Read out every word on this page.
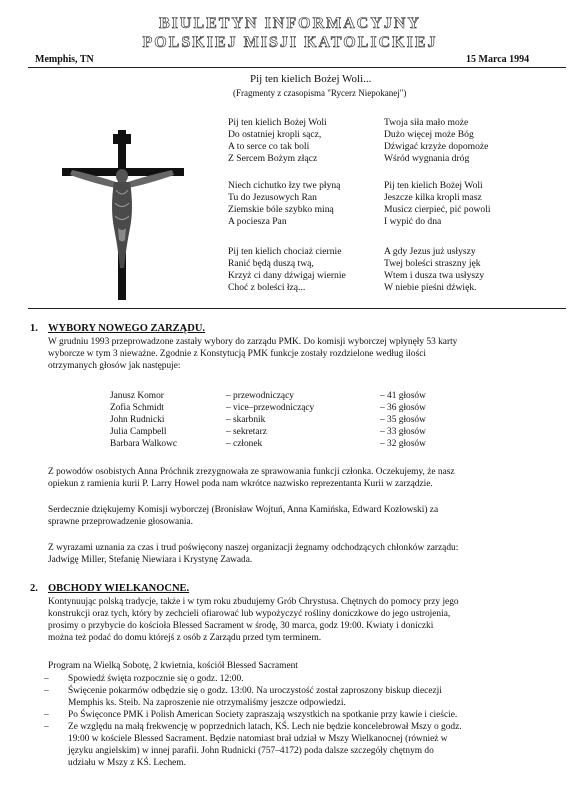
BIULETYN INFORMACYJNY
POLSKIEJ MISJI KATOLICKIEJ
Memphis, TN	15 Marca 1994
Pij ten kielich Bożej Woli...
(Fragmenty z czasopisma "Rycerz Niepokanej")
Pij ten kielich Bożej Woli
Do ostatniej kropli sącz,
A to serce co tak boli
Z Sercem Bożym złącz
Niech cichutko łzy twe płyną
Tu do Jezusowych Ran
Ziemskie bóle szybko miną
A pociesza Pan
Pij ten kielich chociaż ciernie
Ranić będą duszą twą,
Krzyż ci dany dźwigaj wiernie
Choć z boleści łzą...
Twoja siła mało może
Dużo więcej może Bóg
Dźwigać krzyże dopomoże
Wśród wygnania dróg
Pij ten kielich Bożej Woli
Jeszcze kilka kropli masz
Musicz cierpieć, pić powoli
I wypić do dna
A gdy Jezus już usłyszy
Twej boleści straszny jęk
Wtem i dusza twa usłyszy
W niebie pieśni dźwięk.
1. WYBORY NOWEGO ZARZĄDU.
W grudniu 1993 przeprowadzone zastały wybory do zarządu PMK. Do komisji wyborczej wpłynęły 53 karty
wyborcze w tym 3 nieważne. Zgodnie z Konstytucją PMK funkcje zostały rozdzielone według ilości
otrzymanych głosów jak następuje:
Janusz Komor
Zofia Schmidt
John Rudnicki
Julia Campbell
Barbara Walkowc
– przewodniczący
– vice–przewodniczący
– skarbnik
– sekretarz
– członek
– 41 głosów
– 36 głosów
– 35 głosów
– 33 głosów
– 32 głosów
Z powodów osobistych Anna Próchnik zrezygnowała ze sprawowania funkcji członka. Oczekujemy, że nasz
opiekun z ramienia kurii P. Larry Howel poda nam wkrótce nazwisko reprezentanta Kurii w zarządzie.
Serdecznie dziękujemy Komisji wyborczej (Bronisław Wojtuń, Anna Kamińska, Edward Kozłowski) za
sprawne przeprowadzenie głosowania.
Z wyrazami uznania za czas i trud poświęcony naszej organizacji żegnamy odchodzących chłonków zarządu:
Jadwigę Miller, Stefanię Niewiara i Krystynę Zawada.
2. OBCHODY WIELKANOCNE.
Kontynuując polską tradycje, także i w tym roku zbudujemy Grób Chrystusa. Chętnych do pomocy przy jego
konstrukcji oraz tych, który by zechcieli ofiarować lub wypożyczyć rośliny doniczkowe do jego ustrojenia,
prosimy o przybycie do kościoła Blessed Sacrament w środę, 30 marca, godz 19:00. Kwiaty i doniczki
można też podać do domu którejś z osób z Zarządu przed tym terminem.
Program na Wielką Sobotę, 2 kwietnia, kościół Blessed Sacrament
– Spowiedź święta rozpocznie się o godz. 12:00.
– Święcenie pokarmów odbędzie się o godz. 13:00. Na uroczystość został zaproszony biskup diecezji
Memphis ks. Steib. Na zaproszenie nie otrzymaliśmy jeszcze odpowiedzi.
– Po Święconce PMK i Polish American Society zapraszają wszystkich na spotkanie przy kawie i cieście.
– Ze względu na małą frekwencję w poprzednich latach, KŚ. Lech nie będzie koncelebrował Mszy o godz.
19:00 w kościele Blessed Sacrament. Będzie natomiast brał udział w Mszy Wielkanocnej (również w
języku angielskim) w innej parafii. John Rudnicki (757–4172) poda dalsze szczegóły chętnym do
udziału w Mszy z KŚ. Lechem.
